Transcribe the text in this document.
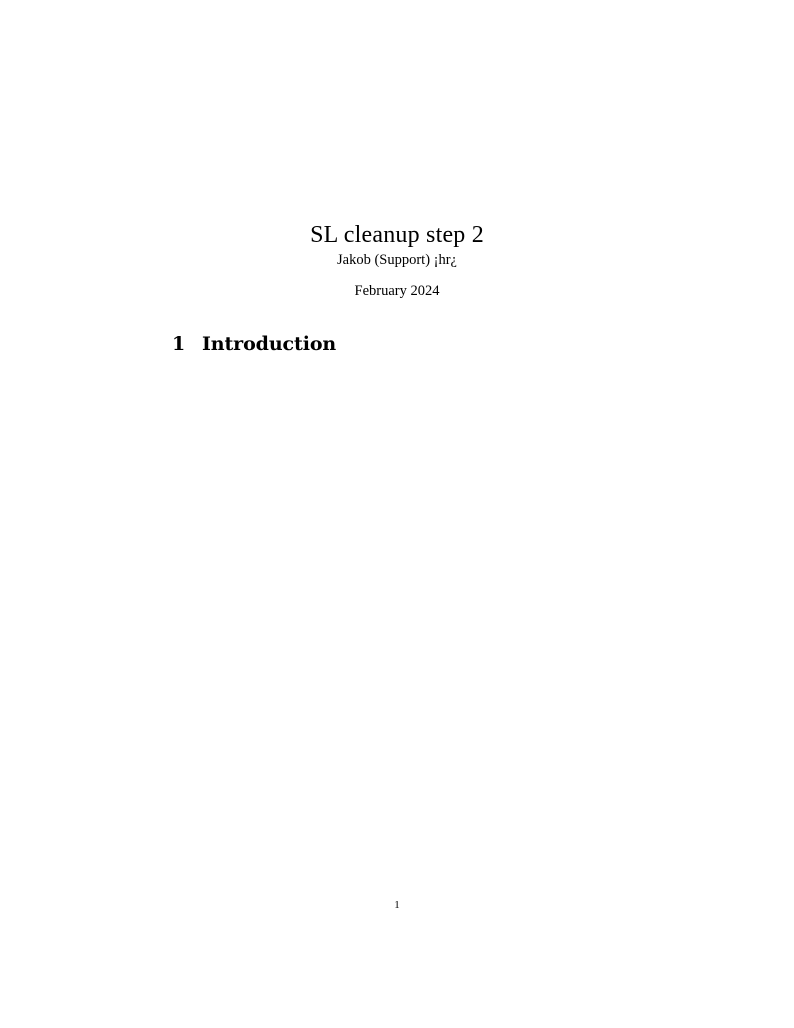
SL cleanup step 2
Jakob (Support) ¡hr¿
February 2024
1 Introduction
1
